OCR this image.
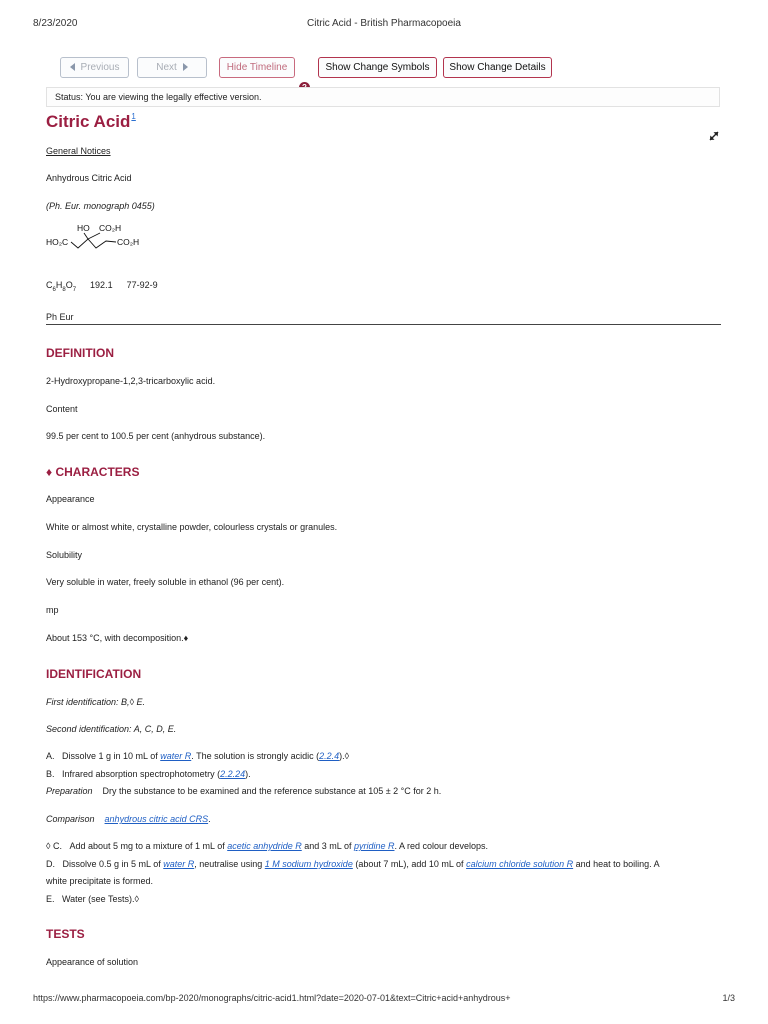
8/23/2020	Citric Acid - British Pharmacopoeia
Previous	Next	Hide Timeline	Show Change Symbols	Show Change Details
Status: You are viewing the legally effective version.
Citric Acid$^1$
General Notices
Anhydrous Citric Acid
(Ph. Eur. monograph 0455)
HO CO₂H
HO₂C	CO₂H
$C_6H_8O_7$ 192.1 77-92-9
Ph Eur
DEFINITION
2-Hydroxypropane-1,2,3-tricarboxylic acid.
Content
99.5 per cent to 100.5 per cent (anhydrous substance).
♦ CHARACTERS
Appearance
White or almost white, crystalline powder, colourless crystals or granules.
Solubility
Very soluble in water, freely soluble in ethanol (96 per cent).
mp
About 153 °C, with decomposition.♦
IDENTIFICATION
First identification: B,◊ E.
Second identification: A, C, D, E.
A.   Dissolve 1 g in 10 mL of water R. The solution is strongly acidic (2.2.4).◊
B.   Infrared absorption spectrophotometry (2.2.24).
Preparation Dry the substance to be examined and the reference substance at 105 ± 2 °C for 2 h.
Comparison anhydrous citric acid CRS.
◊ C.   Add about 5 mg to a mixture of 1 mL of acetic anhydride R and 3 mL of pyridine R. A red colour develops.
D.   Dissolve 0.5 g in 5 mL of water R, neutralise using 1 M sodium hydroxide (about 7 mL), add 10 mL of calcium chloride solution R and heat to boiling. A
white precipitate is formed.
E.   Water (see Tests).◊
TESTS
Appearance of solution
https://www.pharmacopoeia.com/bp-2020/monographs/citric-acid1.html?date=2020-07-01&text=Citric+acid+anhydrous+	1/3
